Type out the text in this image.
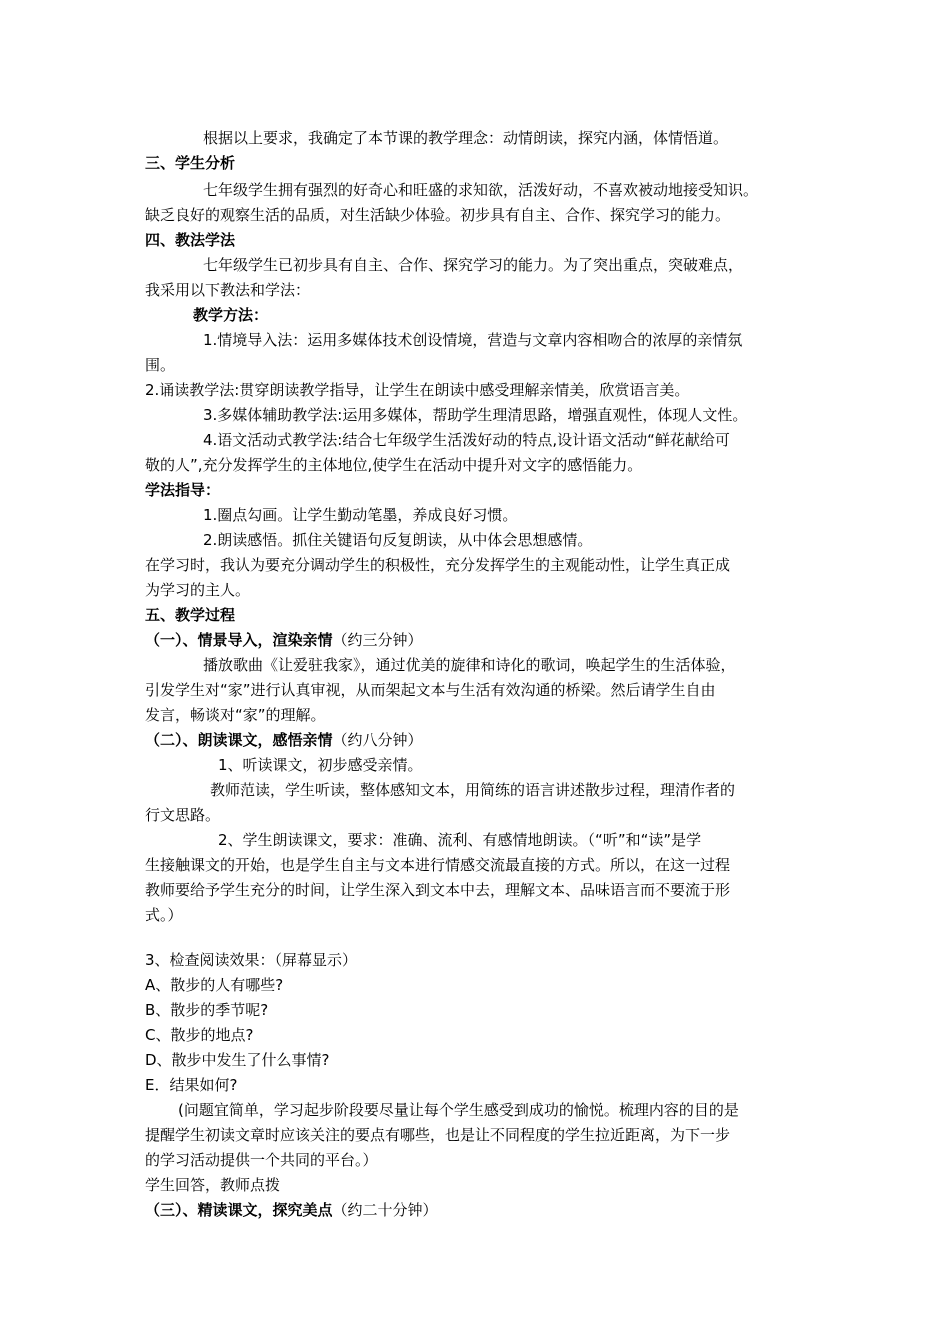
根据以上要求，我确定了本节课的教学理念：动情朗读，探究内涵，体情悟道。
三、学生分析
七年级学生拥有强烈的好奇心和旺盛的求知欲，活泼好动，不喜欢被动地接受知识。
缺乏良好的观察生活的品质，对生活缺少体验。初步具有自主、合作、探究学习的能力。
四、教法学法
七年级学生已初步具有自主、合作、探究学习的能力。为了突出重点，突破难点，
我采用以下教法和学法：
教学方法：
1.情境导入法：运用多媒体技术创设情境，营造与文章内容相吻合的浓厚的亲情氛
围。
2.诵读教学法:贯穿朗读教学指导，让学生在朗读中感受理解亲情美，欣赏语言美。
3.多媒体辅助教学法:运用多媒体，帮助学生理清思路，增强直观性，体现人文性。
4.语文活动式教学法:结合七年级学生活泼好动的特点,设计语文活动“鲜花献给可
敬的人”,充分发挥学生的主体地位,使学生在活动中提升对文字的感悟能力。
学法指导：
1.圈点勾画。让学生勤动笔墨，养成良好习惯。
2.朗读感悟。抓住关键语句反复朗读，从中体会思想感情。
在学习时，我认为要充分调动学生的积极性，充分发挥学生的主观能动性，让学生真正成
为学习的主人。
五、教学过程
（一）、情景导入，渲染亲情（约三分钟）
播放歌曲《让爱驻我家》，通过优美的旋律和诗化的歌词，唤起学生的生活体验，
引发学生对“家”进行认真审视，从而架起文本与生活有效沟通的桥梁。然后请学生自由
发言，畅谈对“家”的理解。
（二）、朗读课文，感悟亲情（约八分钟）
1、听读课文，初步感受亲情。
教师范读，学生听读，整体感知文本，用简练的语言讲述散步过程，理清作者的
行文思路。
2、学生朗读课文，要求：准确、流利、有感情地朗读。（“听”和“读”是学
生接触课文的开始，也是学生自主与文本进行情感交流最直接的方式。所以，在这一过程
教师要给予学生充分的时间，让学生深入到文本中去，理解文本、品味语言而不要流于形
式。）
3、检查阅读效果：（屏幕显示）
A、散步的人有哪些?
B、散步的季节呢?
C、散步的地点?
D、散步中发生了什么事情?
E．结果如何?
(问题宜简单，学习起步阶段要尽量让每个学生感受到成功的愉悦。梳理内容的目的是
提醒学生初读文章时应该关注的要点有哪些，也是让不同程度的学生拉近距离，为下一步
的学习活动提供一个共同的平台。）
学生回答，教师点拨
（三）、精读课文，探究美点（约二十分钟）
